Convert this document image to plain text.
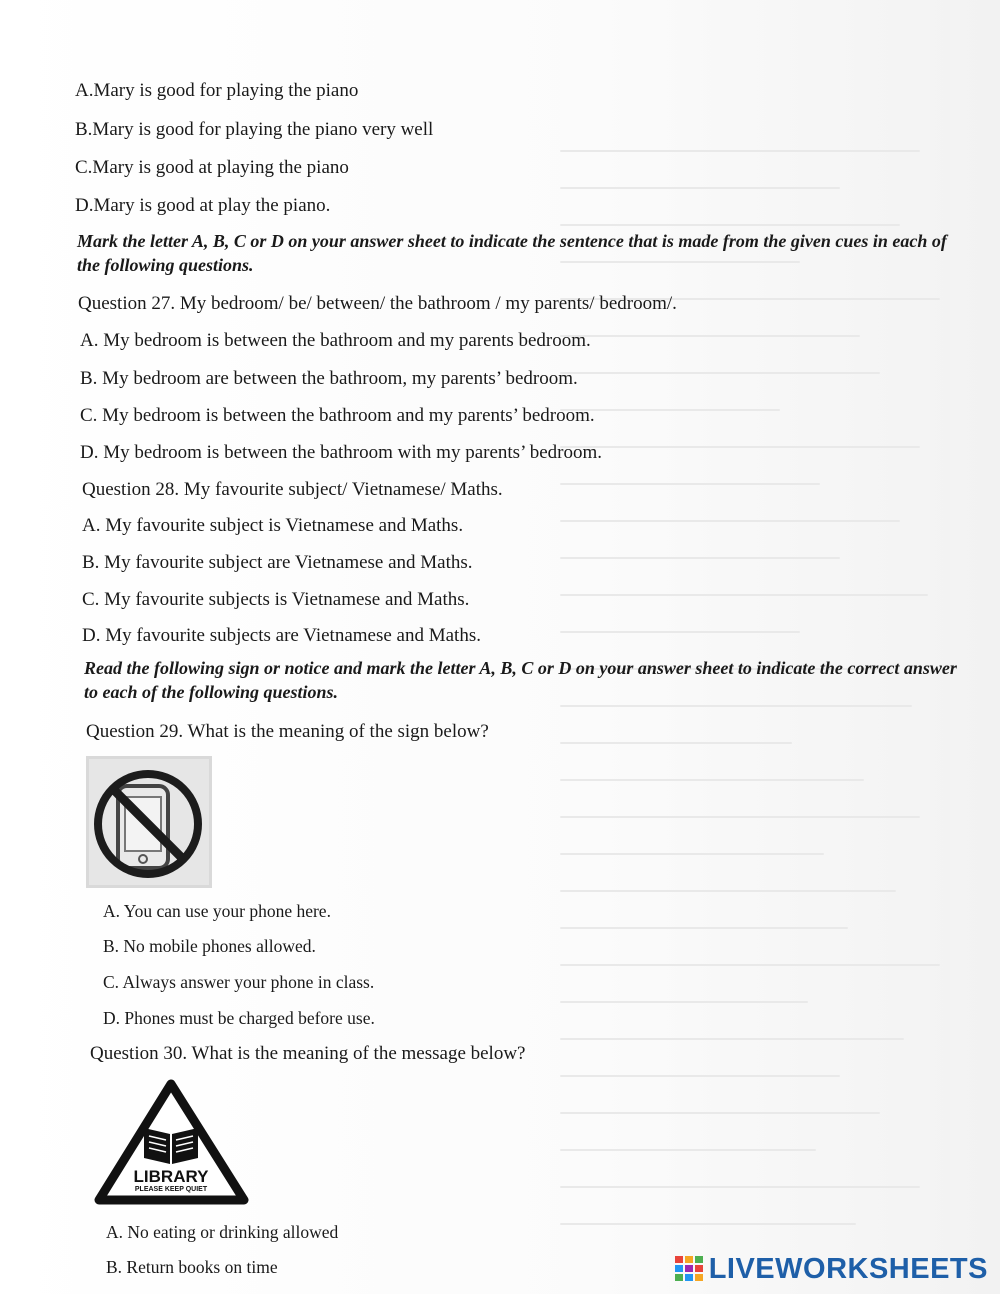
A.Mary is good for playing the piano
B.Mary is good for playing the piano very well
C.Mary is good at playing the piano
D.Mary is good at play the piano.
Mark the letter A, B, C or D on your answer sheet to indicate the sentence that is made from the given cues in each of the following questions.
Question 27. My bedroom/ be/ between/ the bathroom / my parents/ bedroom/.
A. My bedroom is between the bathroom and my parents bedroom.
B. My bedroom are between the bathroom, my parents’ bedroom.
C. My bedroom is between the bathroom and my parents’ bedroom.
D. My bedroom is between the bathroom with my parents’ bedroom.
Question 28. My favourite subject/ Vietnamese/ Maths.
A. My favourite subject is Vietnamese and Maths.
B. My favourite subject are Vietnamese and Maths.
C. My favourite subjects is Vietnamese and Maths.
D. My favourite subjects are Vietnamese and Maths.
Read the following sign or notice and mark the letter A, B, C or D on your answer sheet to indicate the correct answer to each of the following questions.
Question 29. What is the meaning of the sign below?
A. You can use your phone here.
B. No mobile phones allowed.
C. Always answer your phone in class.
D. Phones must be charged before use.
Question 30. What is the meaning of the message below?
LIBRARY
PLEASE KEEP QUIET
A. No eating or drinking allowed
B. Return books on time	LIVEWORKSHEETS
